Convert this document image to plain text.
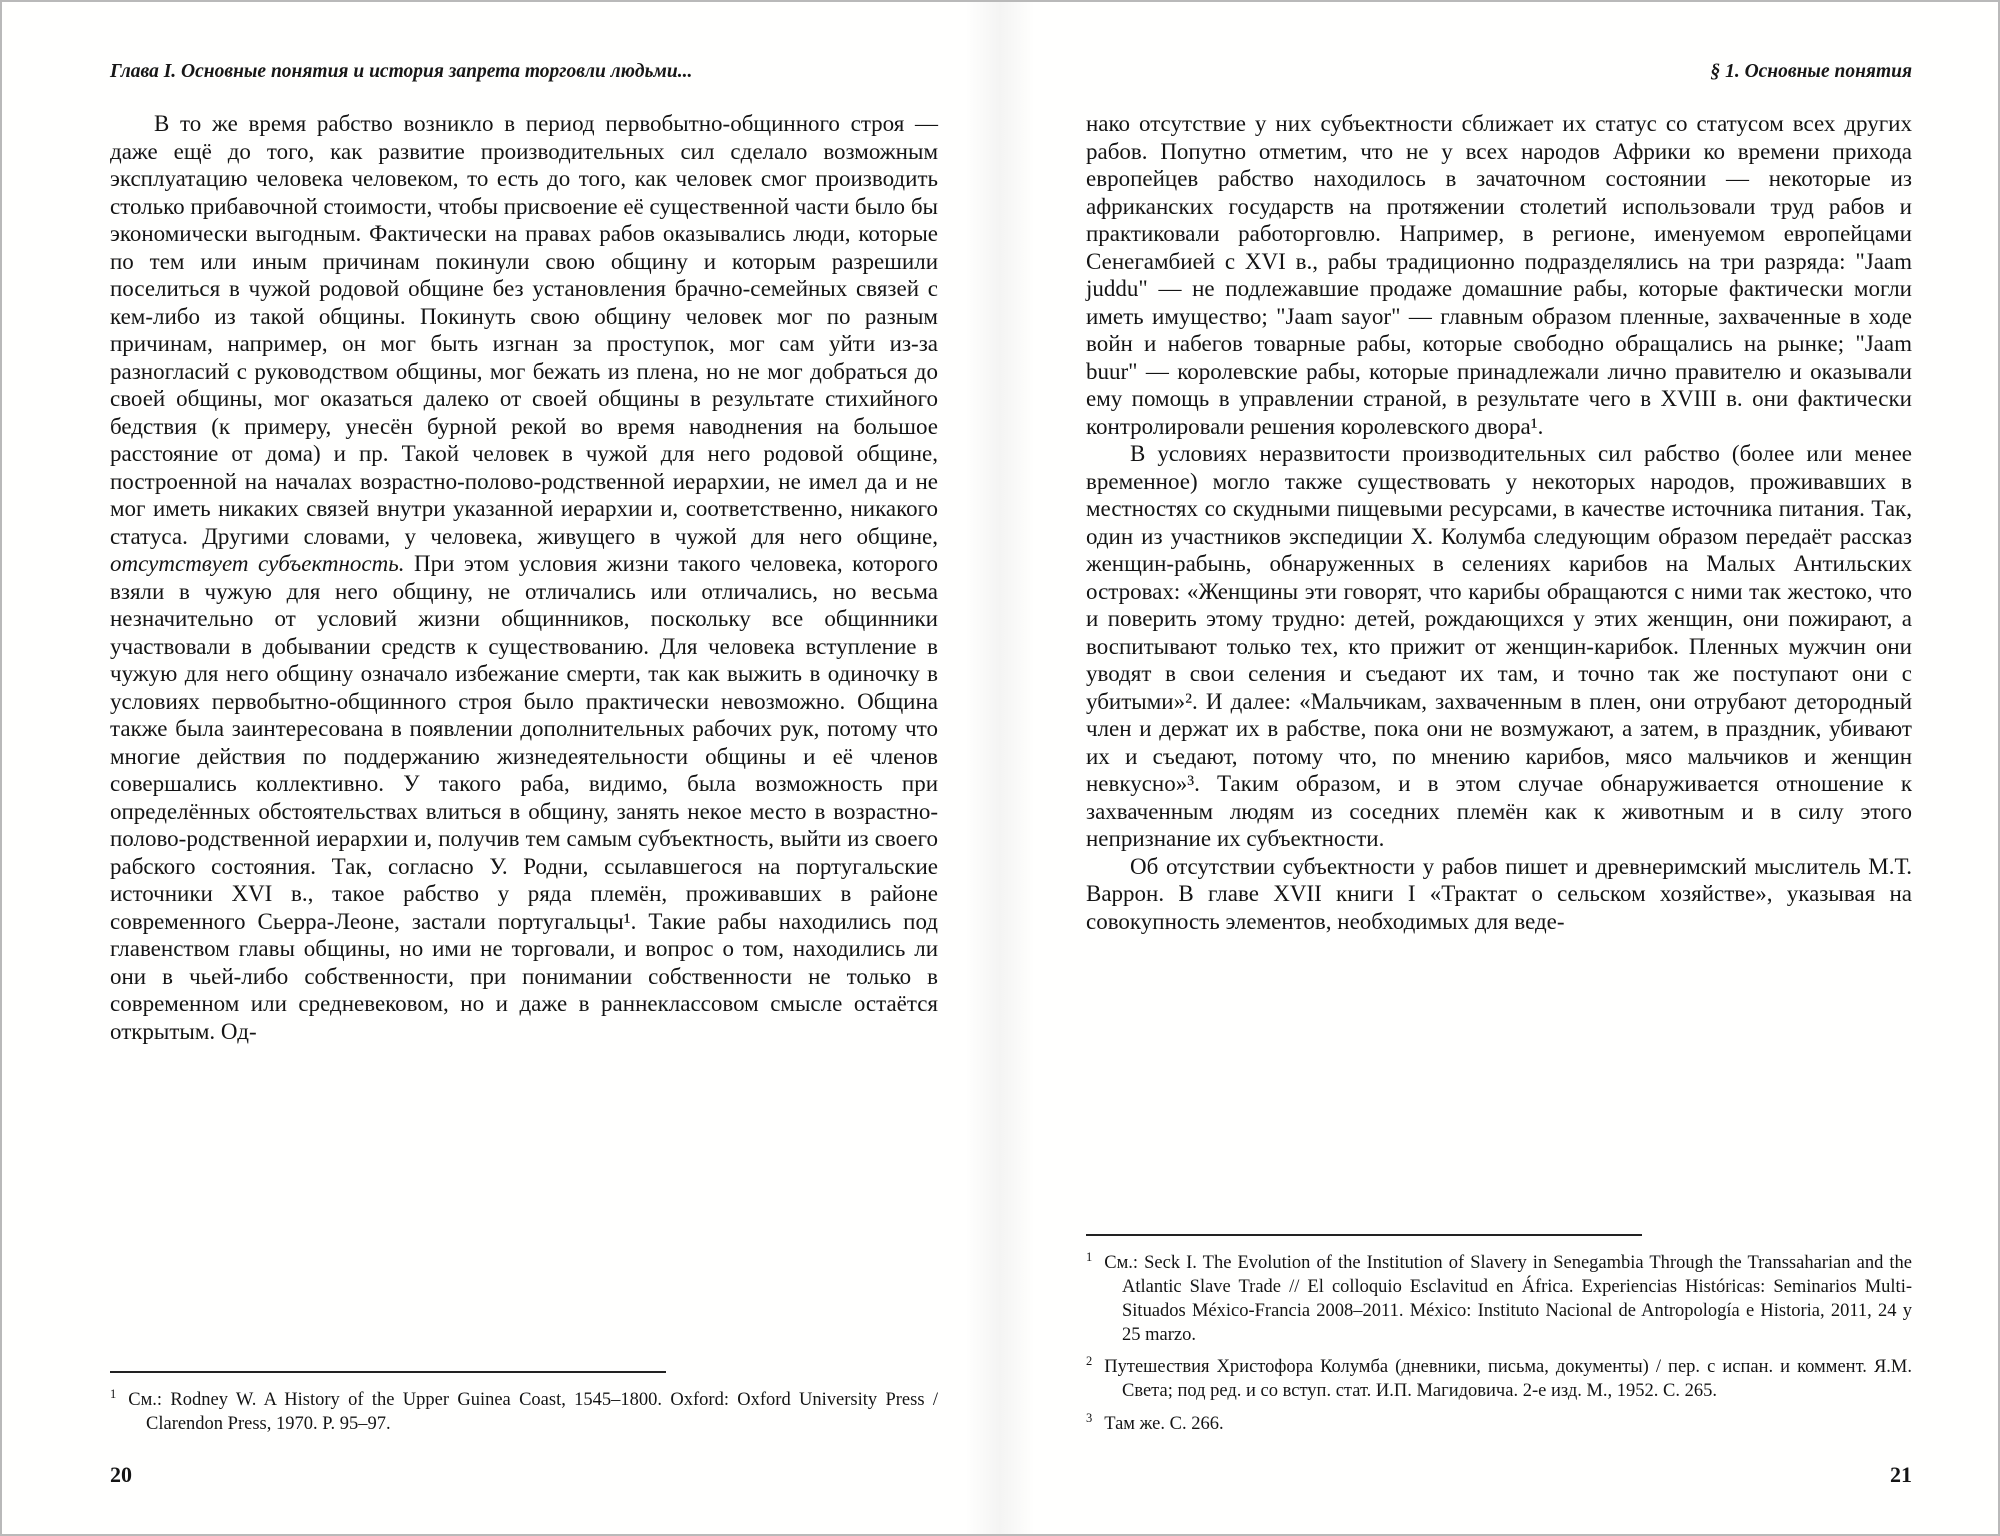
Глава I. Основные понятия и история запрета торговли людьми...

В то же время рабство возникло в период первобытно-общинного строя — даже ещё до того, как развитие производительных сил сделало возможным эксплуатацию человека человеком, то есть до того, как человек смог производить столько прибавочной стоимости, чтобы присвоение её существенной части было бы экономически выгодным. Фактически на правах рабов оказывались люди, которые по тем или иным причинам покинули свою общину и которым разрешили поселиться в чужой родовой общине без установления брачно-семейных связей с кем-либо из такой общины. Покинуть свою общину человек мог по разным причинам, например, он мог быть изгнан за проступок, мог сам уйти из-за разногласий с руководством общины, мог бежать из плена, но не мог добраться до своей общины, мог оказаться далеко от своей общины в результате стихийного бедствия (к примеру, унесён бурной рекой во время наводнения на большое расстояние от дома) и пр. Такой человек в чужой для него родовой общине, построенной на началах возрастно-полово-родственной иерархии, не имел да и не мог иметь никаких связей внутри указанной иерархии и, соответственно, никакого статуса. Другими словами, у человека, живущего в чужой для него общине, отсутствует субъектность. При этом условия жизни такого человека, которого взяли в чужую для него общину, не отличались или отличались, но весьма незначительно от условий жизни общинников, поскольку все общинники участвовали в добывании средств к существованию. Для человека вступление в чужую для него общину означало избежание смерти, так как выжить в одиночку в условиях первобытно-общинного строя было практически невозможно. Община также была заинтересована в появлении дополнительных рабочих рук, потому что многие действия по поддержанию жизнедеятельности общины и её членов совершались коллективно. У такого раба, видимо, была возможность при определённых обстоятельствах влиться в общину, занять некое место в возрастно-полово-родственной иерархии и, получив тем самым субъектность, выйти из своего рабского состояния. Так, согласно У. Родни, ссылавшегося на португальские источники XVI в., такое рабство у ряда племён, проживавших в районе современного Сьерра-Леоне, застали португальцы¹. Такие рабы находились под главенством главы общины, но ими не торговали, и вопрос о том, находились ли они в чьей-либо собственности, при понимании собственности не только в современном или средневековом, но и даже в раннеклассовом смысле остаётся открытым. Од-

$^1$ См.: Rodney W. A History of the Upper Guinea Coast, 1545–1800. Oxford: Oxford University Press / Clarendon Press, 1970. P. 95–97.
20
§ 1. Основные понятия

нако отсутствие у них субъектности сближает их статус со статусом всех других рабов. Попутно отметим, что не у всех народов Африки ко времени прихода европейцев рабство находилось в зачаточном состоянии — некоторые из африканских государств на протяжении столетий использовали труд рабов и практиковали работорговлю. Например, в регионе, именуемом европейцами Сенегамбией с XVI в., рабы традиционно подразделялись на три разряда: "Jaam juddu" — не подлежавшие продаже домашние рабы, которые фактически могли иметь имущество; "Jaam sayor" — главным образом пленные, захваченные в ходе войн и набегов товарные рабы, которые свободно обращались на рынке; "Jaam buur" — королевские рабы, которые принадлежали лично правителю и оказывали ему помощь в управлении страной, в результате чего в XVIII в. они фактически контролировали решения королевского двора¹.

В условиях неразвитости производительных сил рабство (более или менее временное) могло также существовать у некоторых народов, проживавших в местностях со скудными пищевыми ресурсами, в качестве источника питания. Так, один из участников экспедиции Х. Колумба следующим образом передаёт рассказ женщин-рабынь, обнаруженных в селениях карибов на Малых Антильских островах: «Женщины эти говорят, что карибы обращаются с ними так жестоко, что и поверить этому трудно: детей, рождающихся у этих женщин, они пожирают, а воспитывают только тех, кто прижит от женщин-карибок. Пленных мужчин они уводят в свои селения и съедают их там, и точно так же поступают они с убитыми»². И далее: «Мальчикам, захваченным в плен, они отрубают детородный член и держат их в рабстве, пока они не возмужают, а затем, в праздник, убивают их и съедают, потому что, по мнению карибов, мясо мальчиков и женщин невкусно»³. Таким образом, и в этом случае обнаруживается отношение к захваченным людям из соседних племён как к животным и в силу этого непризнание их субъектности.

Об отсутствии субъектности у рабов пишет и древнеримский мыслитель М.Т. Варрон. В главе XVII книги I «Трактат о сельском хозяйстве», указывая на совокупность элементов, необходимых для веде-

$^1$ См.: Seck I. The Evolution of the Institution of Slavery in Senegambia Through the Transsaharian and the Atlantic Slave Trade // El colloquio Esclavitud en África. Experiencias Históricas: Seminarios Multi-Situados México-Francia 2008–2011. México: Instituto Nacional de Antropología e Historia, 2011, 24 y 25 marzo.
$^2$ Путешествия Христофора Колумба (дневники, письма, документы) / пер. с испан. и коммент. Я.М. Света; под ред. и со вступ. стат. И.П. Магидовича. 2-е изд. М., 1952. С. 265.
$^3$ Там же. С. 266.
21
